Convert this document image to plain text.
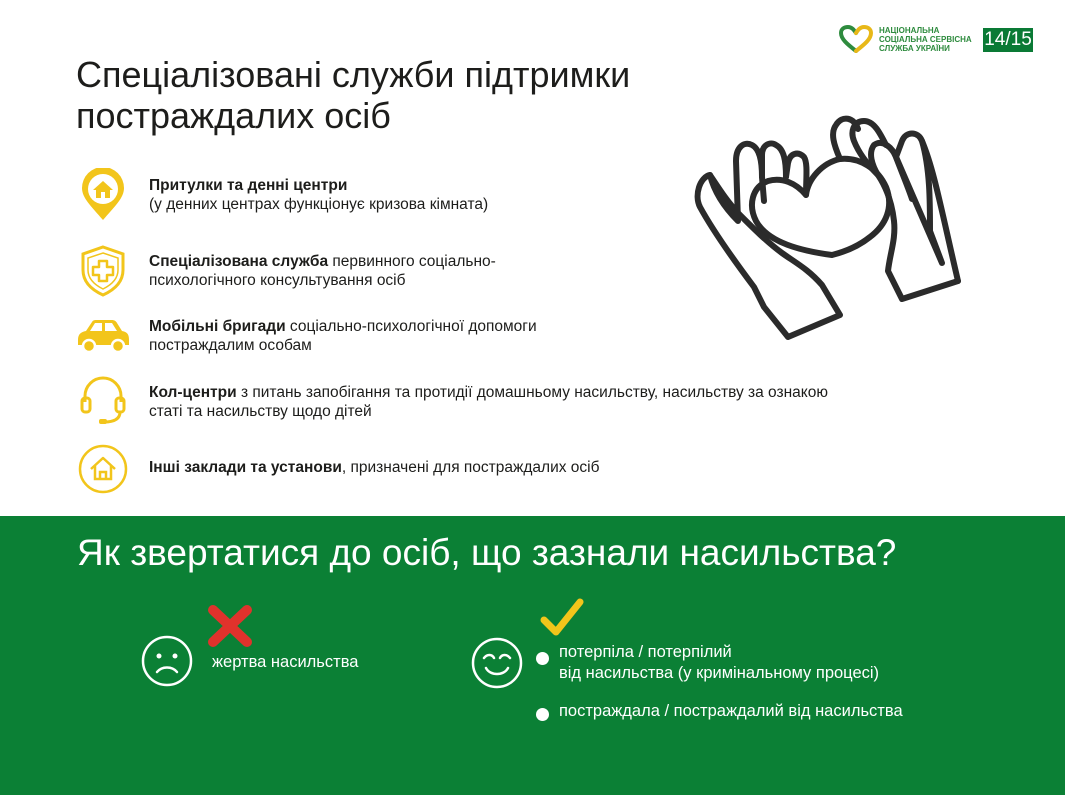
НАЦІОНАЛЬНА
СОЦІАЛЬНА СЕРВІСНА
СЛУЖБА УКРАЇНИ	14/15
Спеціалізовані служби підтримки
постраждалих осіб
Притулки та денні центри
(у денних центрах функціонує кризова кімната)
Спеціалізована служба первинного соціально-
психологічного консультування осіб
Мобільні бригади соціально-психологічної допомоги
постраждалим особам
Кол-центри з питань запобігання та протидії домашньому насильству, насильству за ознакою
статі та насильству щодо дітей
Інші заклади та установи, призначені для постраждалих осіб
Як звертатися до осіб, що зазнали насильства?
жертва насильства
потерпіла / потерпілий
від насильства (у кримінальному процесі)
постраждала / постраждалий від насильства
